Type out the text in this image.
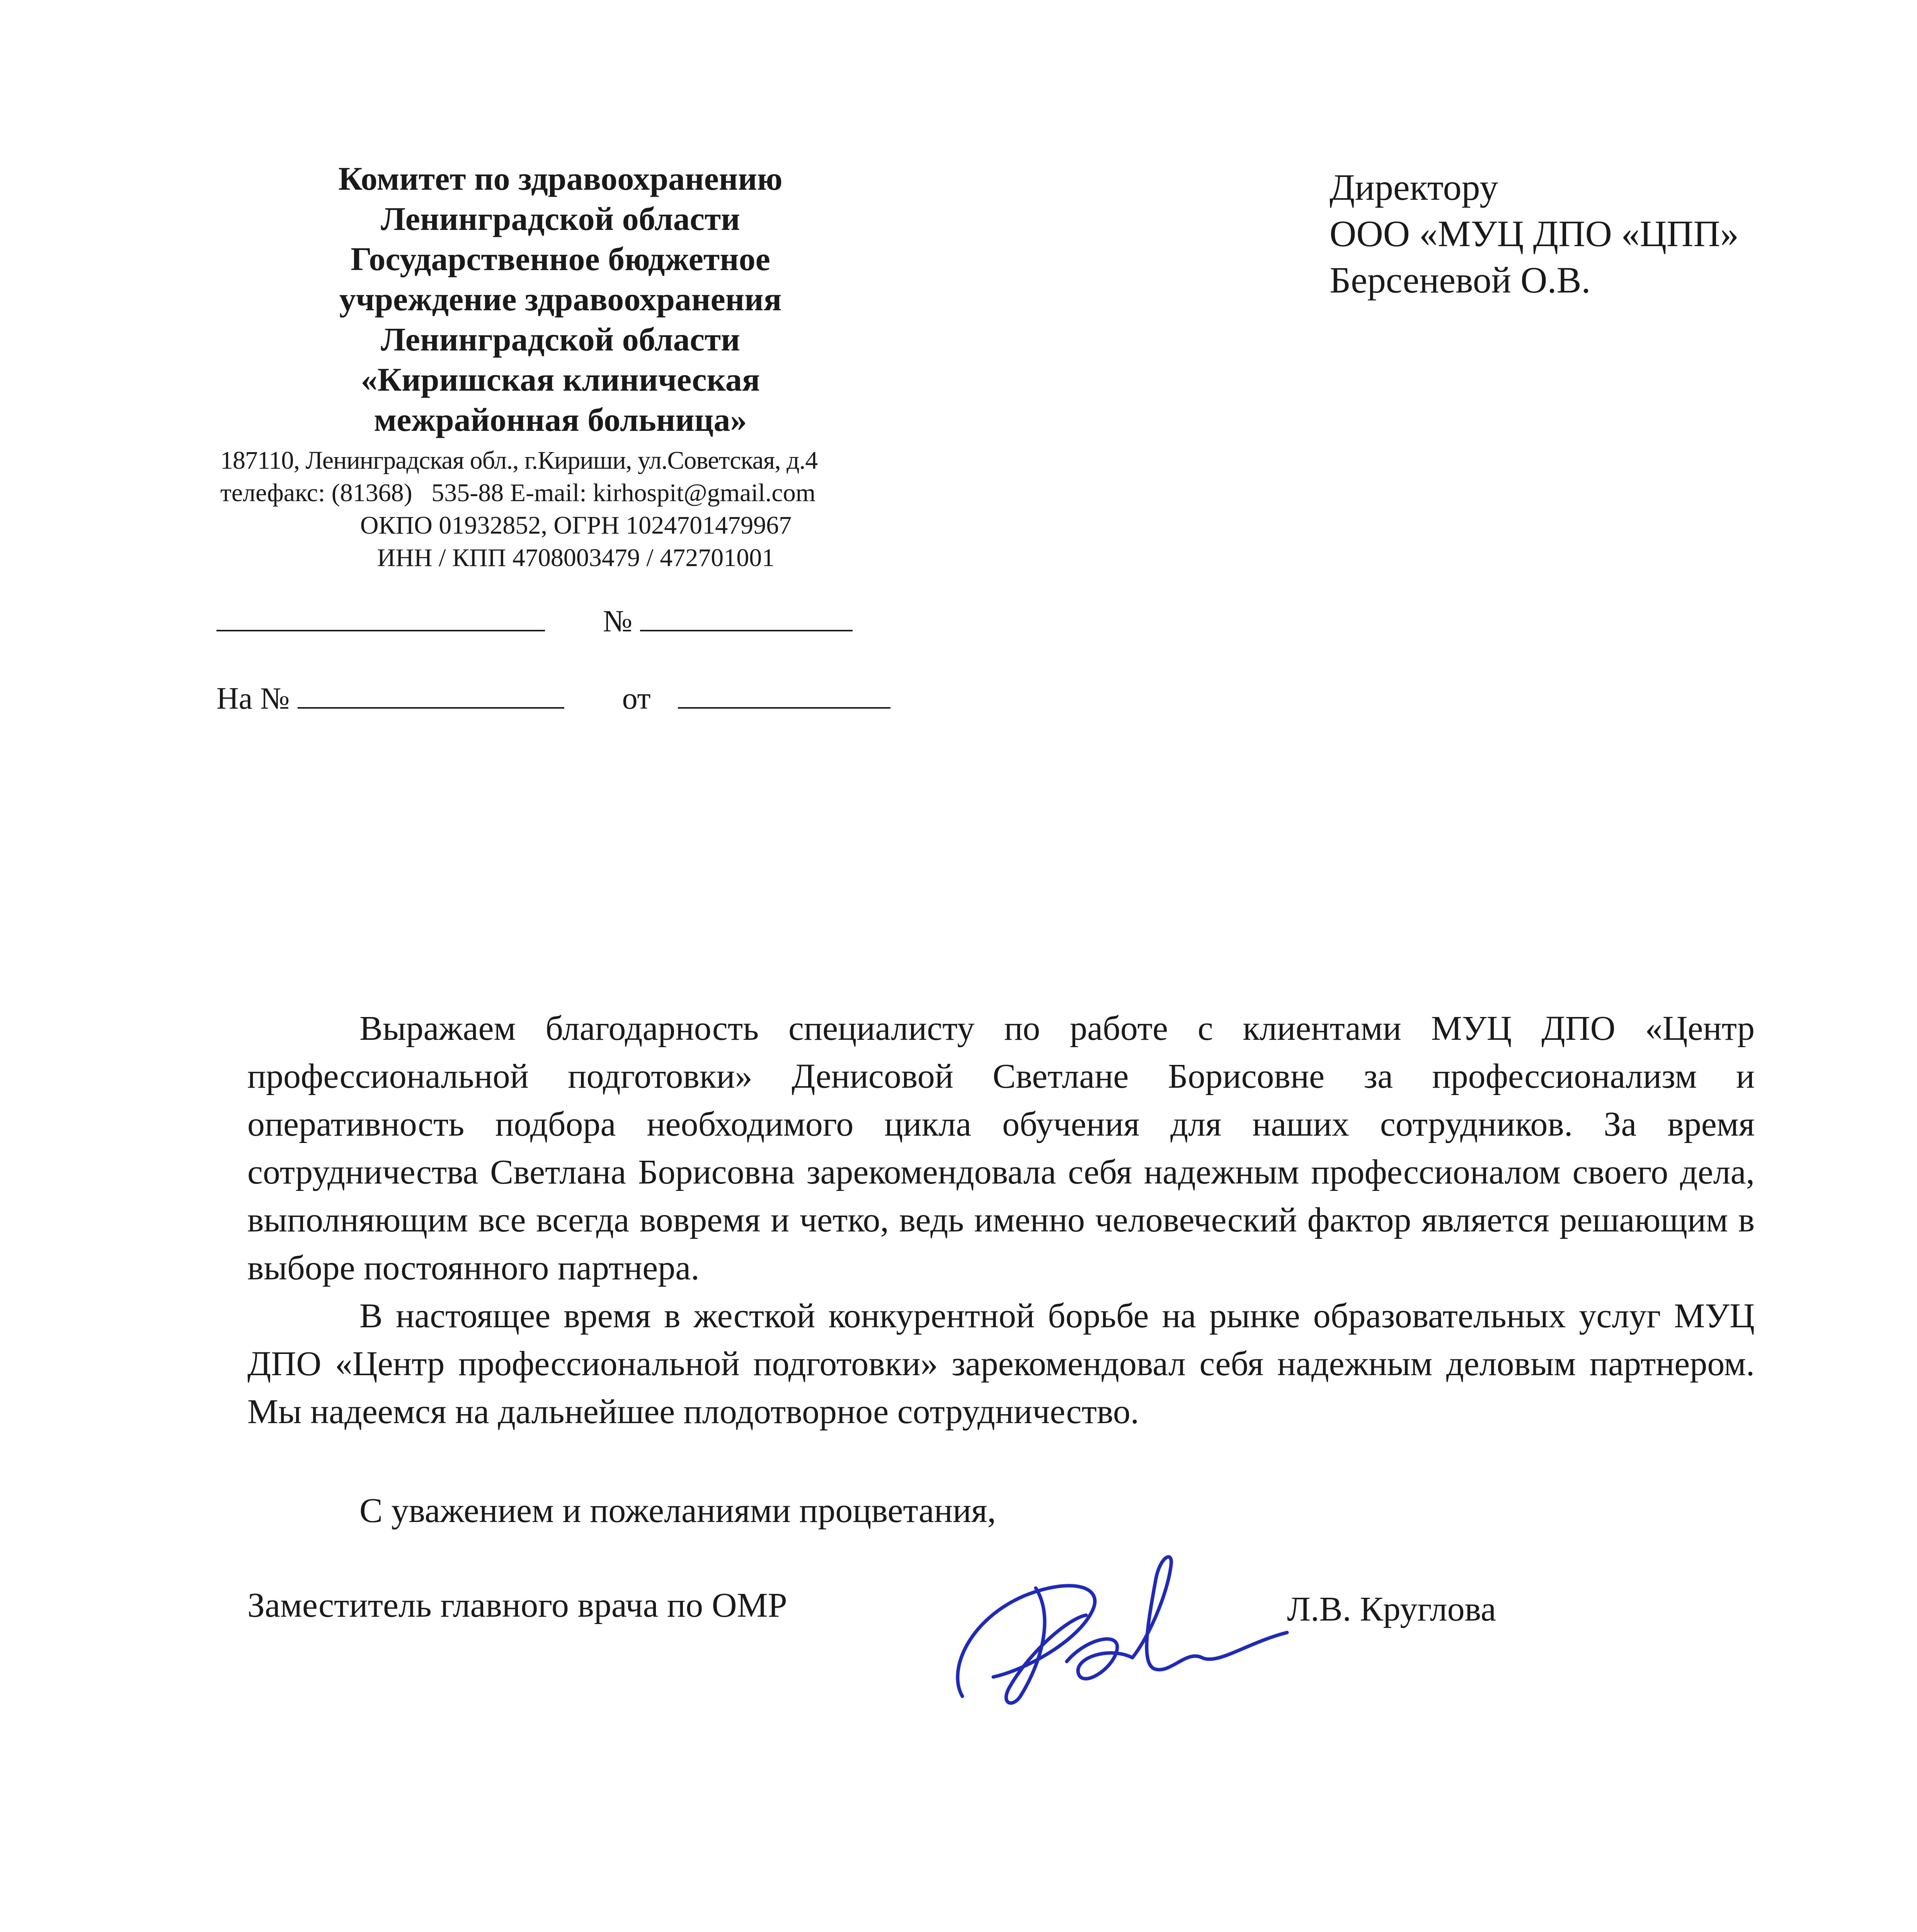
Комитет по здравоохранению
Ленинградской области
Государственное бюджетное
учреждение здравоохранения
Ленинградской области
«Киришская клиническая
межрайонная больница»
187110, Ленинградская обл., г.Кириши, ул.Советская, д.4
телефакс: (81368)   535-88 E-mail: kirhospit@gmail.com
ОКПО 01932852, ОГРН 1024701479967
ИНН / КПП 4708003479 / 472701001
№
На №	от
Директору
ООО «МУЦ ДПО «ЦПП»
Берсеневой О.В.

Выражаем благодарность специалисту по работе с клиентами МУЦ ДПО «Центр профессиональной подготовки» Денисовой Светлане Борисовне за профессионализм и оперативность подбора необходимого цикла обучения для наших сотрудников. За время сотрудничества Светлана Борисовна зарекомендовала себя надежным профессионалом своего дела, выполняющим все всегда вовремя и четко, ведь именно человеческий фактор является решающим в выборе постоянного партнера.

В настоящее время в жесткой конкурентной борьбе на рынке образовательных услуг МУЦ ДПО «Центр профессиональной подготовки» зарекомендовал себя надежным деловым партнером. Мы надеемся на дальнейшее плодотворное сотрудничество.

С уважением и пожеланиями процветания,
Заместитель главного врача по ОМР	Л.В. Круглова
